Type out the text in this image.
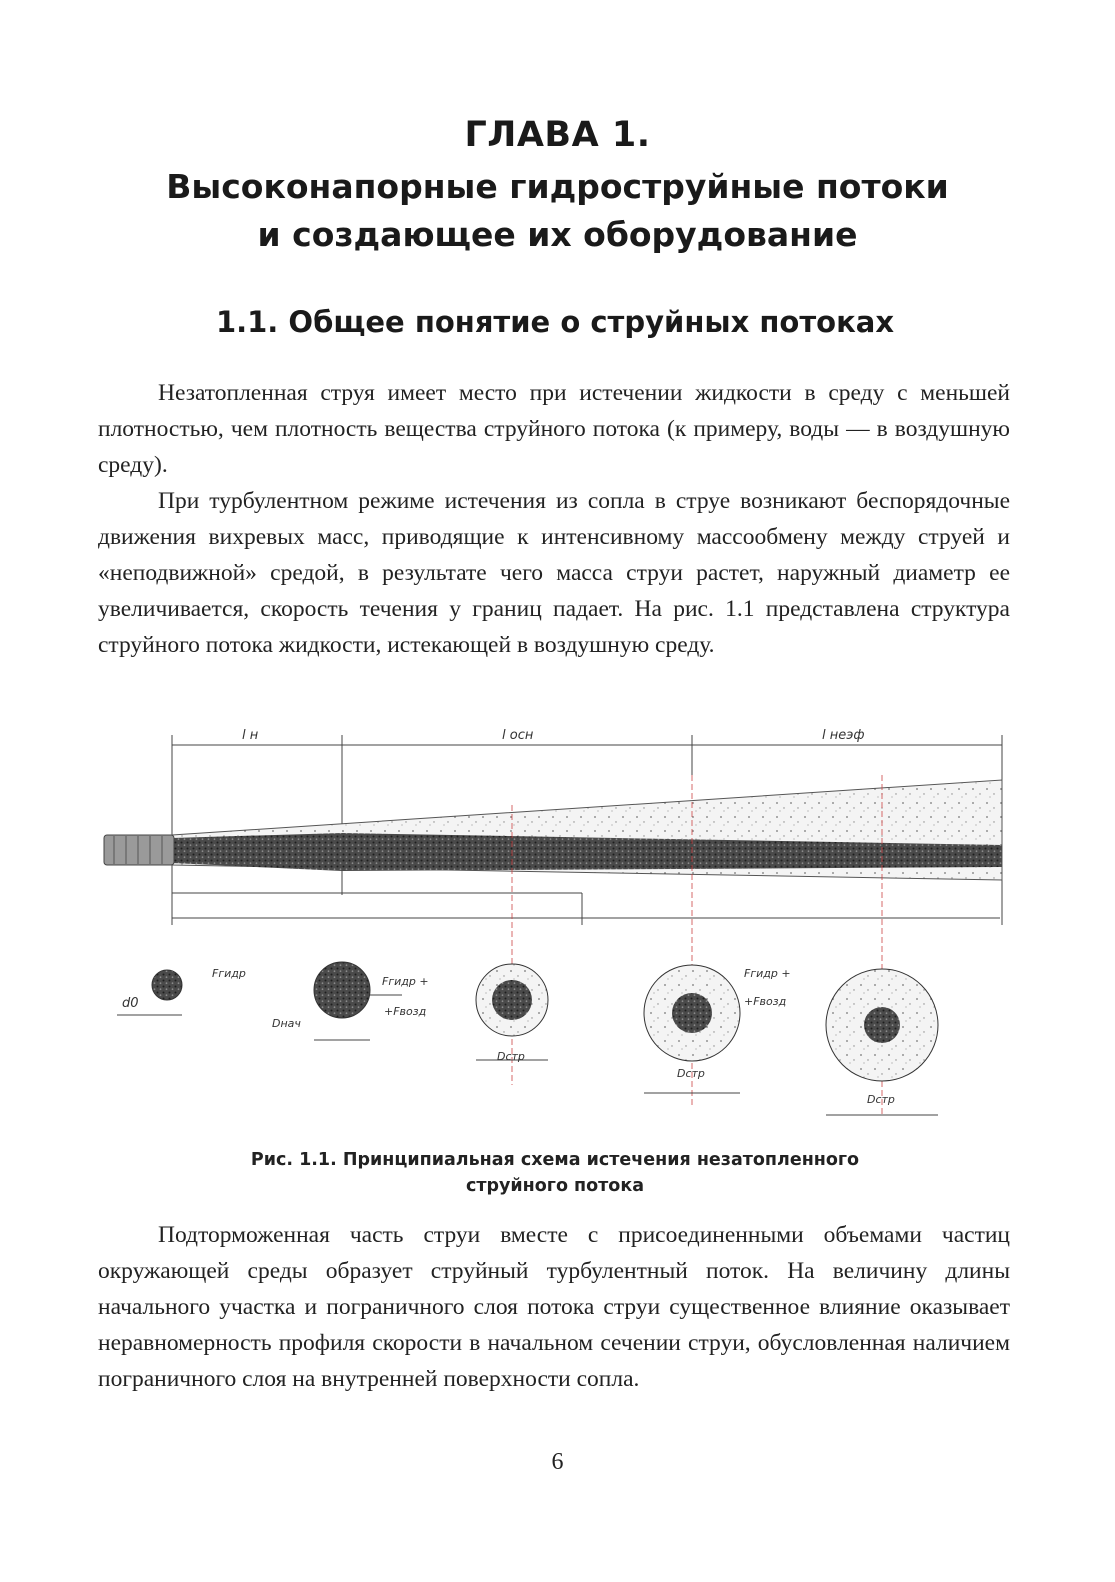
ГЛАВА 1.
Высоконапорные гидроструйные потоки
и создающее их оборудование
1.1. Общее понятие о струйных потоках

Незатопленная струя имеет место при истечении жидкости в среду с меньшей плотностью, чем плотность вещества струйного потока (к примеру, воды — в воздушную среду).

При турбулентном режиме истечения из сопла в струе возникают беспорядочные движения вихревых масс, приводящие к интенсивному массообмену между струей и «неподвижной» средой, в результате чего масса струи растет, наружный диаметр ее увеличивается, скорость течения у границ падает. На рис. 1.1 представлена структура струйного потока жидкости, истекающей в воздушную среду.

l н	l осн	l неэф
d0
Fгидр
Fгидр +
+Fвозд
Dнач
Dстр
Fгидр +
+Fвозд
Dстр
Dстр
Рис. 1.1. Принципиальная схема истечения незатопленного
струйного потока

Подторможенная часть струи вместе с присоединенными объемами частиц окружающей среды образует струйный турбулентный поток. На величину длины начального участка и пограничного слоя потока струи существенное влияние оказывает неравномерность профиля скорости в начальном сечении струи, обусловленная наличием пограничного слоя на внутренней поверхности сопла.

6
